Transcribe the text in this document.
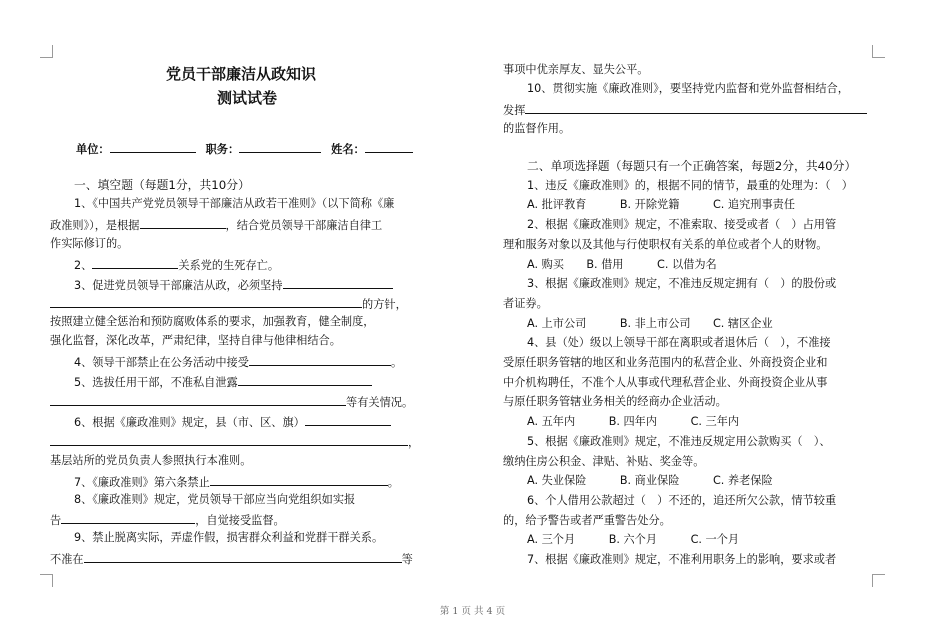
党员干部廉洁从政知识
测试试卷
单位：	职务：	姓名：
一、填空题（每题1分，共10分）
1、《中国共产党党员领导干部廉洁从政若干准则》（以下简称《廉
政准则》），是根据	，结合党员领导干部廉洁自律工
作实际修订的。
2、	关系党的生死存亡。
3、促进党员领导干部廉洁从政，必须坚持
的方针，
按照建立健全惩治和预防腐败体系的要求，加强教育，健全制度，
强化监督，深化改革，严肃纪律，坚持自律与他律相结合。
4、领导干部禁止在公务活动中接受	。
5、选拔任用干部，不准私自泄露
等有关情况。
6、根据《廉政准则》规定，县（市、区、旗）
，
基层站所的党员负责人参照执行本准则。
7、《廉政准则》第六条禁止	。
8、《廉政准则》规定，党员领导干部应当向党组织如实报
告	，自觉接受监督。
9、禁止脱离实际，弄虚作假，损害群众利益和党群干群关系。
不准在	等
事项中优亲厚友、显失公平。
10、贯彻实施《廉政准则》，要坚持党内监督和党外监督相结合，
发挥
的监督作用。
二、单项选择题（每题只有一个正确答案，每题2分，共40分）
1、违反《廉政准则》的，根据不同的情节，最重的处理为：（　）
A. 批评教育　　　B. 开除党籍　　　C. 追究刑事责任
2、根据《廉政准则》规定，不准索取、接受或者（　）占用管
理和服务对象以及其他与行使职权有关系的单位或者个人的财物。
A. 购买　　B. 借用　　　C. 以借为名
3、根据《廉政准则》规定，不准违反规定拥有（　）的股份或
者证券。
A. 上市公司　　　B. 非上市公司　　C. 辖区企业
4、县（处）级以上领导干部在离职或者退休后（　），不准接
受原任职务管辖的地区和业务范围内的私营企业、外商投资企业和
中介机构聘任，不准个人从事或代理私营企业、外商投资企业从事
与原任职务管辖业务相关的经商办企业活动。
A. 五年内　　　B. 四年内　　　C. 三年内
5、根据《廉政准则》规定，不准违反规定用公款购买（　）、
缴纳住房公积金、津贴、补贴、奖金等。
A. 失业保险　　　B. 商业保险　　　C. 养老保险
6、个人借用公款超过（　）不还的，追还所欠公款，情节较重
的，给予警告或者严重警告处分。
A. 三个月　　　B. 六个月　　　C. 一个月
7、根据《廉政准则》规定，不准利用职务上的影响，要求或者
第 1 页 共 4 页
